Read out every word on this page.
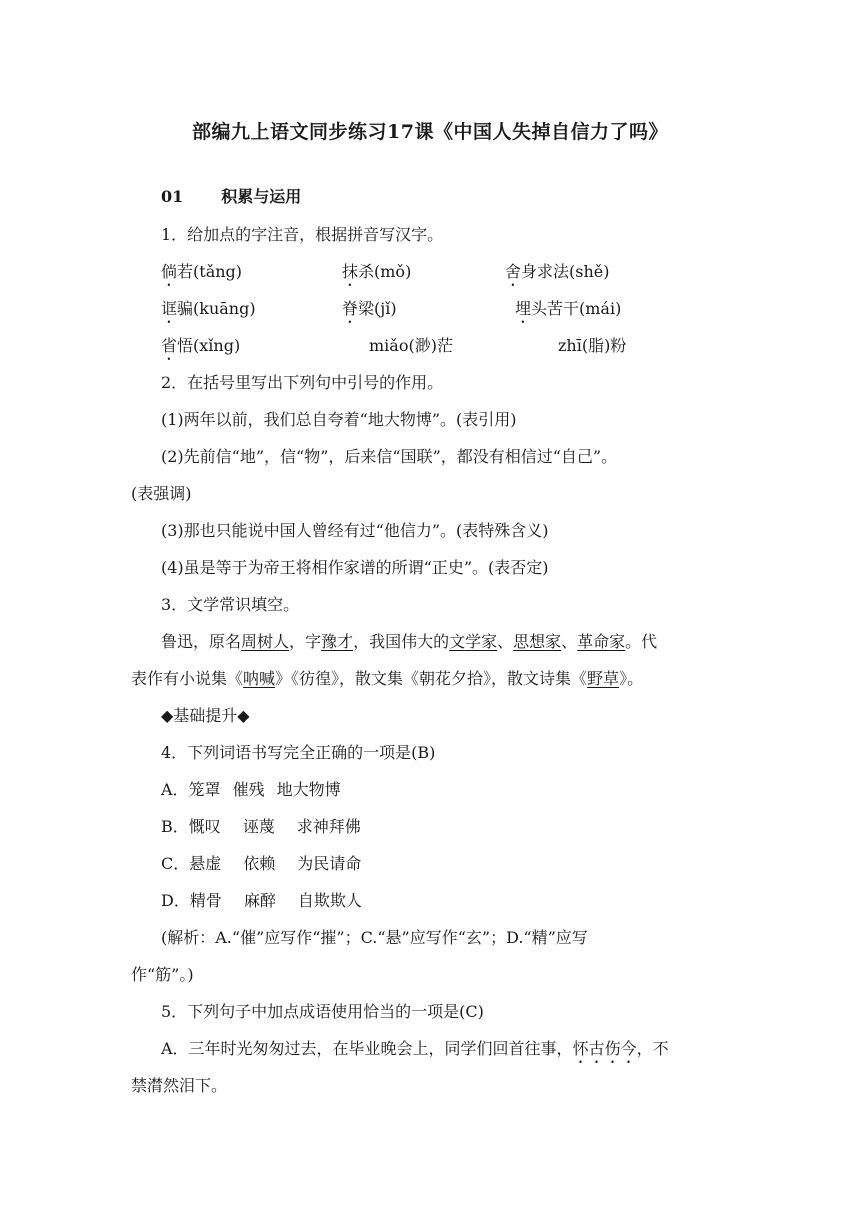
部编九上语文同步练习17课《中国人失掉自信力了吗》
01 积累与运用
1．给加点的字注音，根据拼音写汉字。
倘若(tǎng)	抹杀(mǒ)	舍身求法(shě)
诓骗(kuāng)	脊梁(jǐ)	埋头苦干(mái)
省悟(xǐng)	miǎo(渺)茫	zhī(脂)粉
2．在括号里写出下列句中引号的作用。
(1)两年以前，我们总自夸着“地大物博”。(表引用)
(2)先前信“地”，信“物”，后来信“国联”，都没有相信过“自己”。
(表强调)
(3)那也只能说中国人曾经有过“他信力”。(表特殊含义)
(4)虽是等于为帝王将相作家谱的所谓“正史”。(表否定)
3．文学常识填空。
鲁迅，原名周树人，字豫才，我国伟大的文学家、思想家、革命家。代
表作有小说集《呐喊》《彷徨》，散文集《朝花夕拾》，散文诗集《野草》。
◆基础提升◆
4．下列词语书写完全正确的一项是(B)
A．笼罩 催残 地大物博
B．慨叹 诬蔑 求神拜佛
C．悬虚 依赖 为民请命
D．精骨 麻醉 自欺欺人
(解析：A.“催”应写作“摧”；C.“悬”应写作“玄”；D.“精”应写
作“筋”。)
5．下列句子中加点成语使用恰当的一项是(C)
A．三年时光匆匆过去，在毕业晚会上，同学们回首往事，怀古伤今，不
禁潸然泪下。
